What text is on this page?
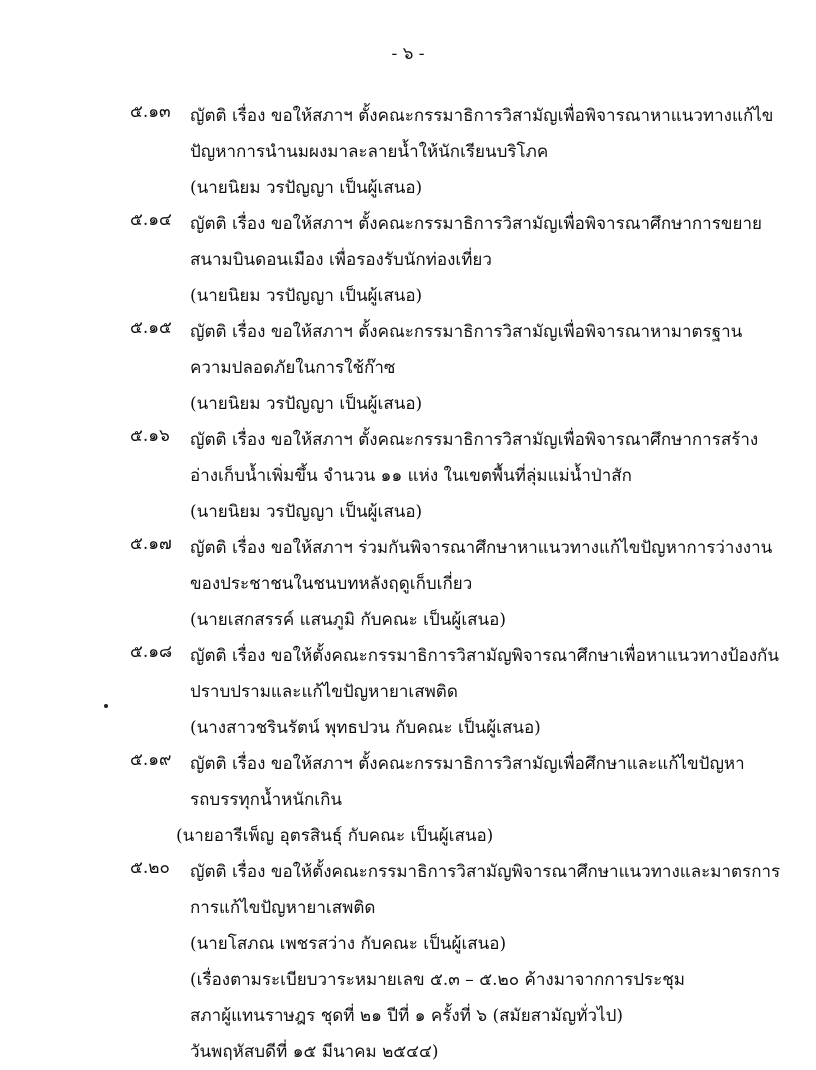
- ๖ -
๕.๑๓ ญัตติ เรื่อง ขอให้สภาฯ ตั้งคณะกรรมาธิการวิสามัญเพื่อพิจารณาหาแนวทางแก้ไข
ปัญหาการนำนมผงมาละลายน้ำให้นักเรียนบริโภค
(นายนิยม วรปัญญา เป็นผู้เสนอ)
๕.๑๔ ญัตติ เรื่อง ขอให้สภาฯ ตั้งคณะกรรมาธิการวิสามัญเพื่อพิจารณาศึกษาการขยาย
สนามบินดอนเมือง เพื่อรองรับนักท่องเที่ยว
(นายนิยม วรปัญญา เป็นผู้เสนอ)
๕.๑๕ ญัตติ เรื่อง ขอให้สภาฯ ตั้งคณะกรรมาธิการวิสามัญเพื่อพิจารณาหามาตรฐาน
ความปลอดภัยในการใช้ก๊าซ
(นายนิยม วรปัญญา เป็นผู้เสนอ)
๕.๑๖ ญัตติ เรื่อง ขอให้สภาฯ ตั้งคณะกรรมาธิการวิสามัญเพื่อพิจารณาศึกษาการสร้าง
อ่างเก็บน้ำเพิ่มขึ้น จำนวน ๑๑ แห่ง ในเขตพื้นที่ลุ่มแม่น้ำป่าสัก
(นายนิยม วรปัญญา เป็นผู้เสนอ)
๕.๑๗ ญัตติ เรื่อง ขอให้สภาฯ ร่วมกันพิจารณาศึกษาหาแนวทางแก้ไขปัญหาการว่างงาน
ของประชาชนในชนบทหลังฤดูเก็บเกี่ยว
(นายเสกสรรค์ แสนภูมิ กับคณะ เป็นผู้เสนอ)
๕.๑๘ ญัตติ เรื่อง ขอให้ตั้งคณะกรรมาธิการวิสามัญพิจารณาศึกษาเพื่อหาแนวทางป้องกัน
ปราบปรามและแก้ไขปัญหายาเสพติด
(นางสาวชรินรัตน์ พุทธปวน กับคณะ เป็นผู้เสนอ)
๕.๑๙ ญัตติ เรื่อง ขอให้สภาฯ ตั้งคณะกรรมาธิการวิสามัญเพื่อศึกษาและแก้ไขปัญหา
รถบรรทุกน้ำหนักเกิน
(นายอารีเพ็ญ อุตรสินธุ์ กับคณะ เป็นผู้เสนอ)
๕.๒๐ ญัตติ เรื่อง ขอให้ตั้งคณะกรรมาธิการวิสามัญพิจารณาศึกษาแนวทางและมาตรการ
การแก้ไขปัญหายาเสพติด
(นายโสภณ เพชรสว่าง กับคณะ เป็นผู้เสนอ)
(เรื่องตามระเบียบวาระหมายเลข ๕.๓ – ๕.๒๐ ค้างมาจากการประชุม
สภาผู้แทนราษฎร ชุดที่ ๒๑ ปีที่ ๑ ครั้งที่ ๖ (สมัยสามัญทั่วไป)
วันพฤหัสบดีที่ ๑๕ มีนาคม ๒๕๔๔)
